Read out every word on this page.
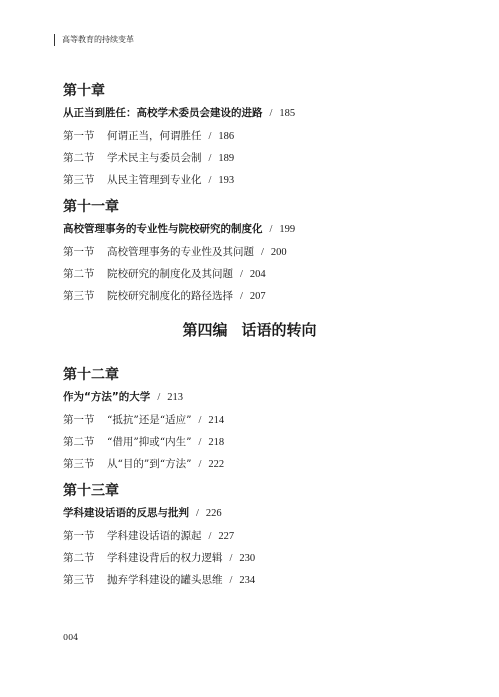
高等教育的持续变革
第十章
从正当到胜任：高校学术委员会建设的进路 / 185
第一节 何谓正当，何谓胜任 / 186
第二节 学术民主与委员会制 / 189
第三节 从民主管理到专业化 / 193
第十一章
高校管理事务的专业性与院校研究的制度化 / 199
第一节 高校管理事务的专业性及其问题 / 200
第二节 院校研究的制度化及其问题 / 204
第三节 院校研究制度化的路径选择 / 207
第四编 话语的转向
第十二章
作为“方法”的大学 / 213
第一节 “抵抗”还是“适应” / 214
第二节 “借用”抑或“内生” / 218
第三节 从“目的”到“方法” / 222
第十三章
学科建设话语的反思与批判 / 226
第一节 学科建设话语的源起 / 227
第二节 学科建设背后的权力逻辑 / 230
第三节 抛弃学科建设的罐头思维 / 234
004
